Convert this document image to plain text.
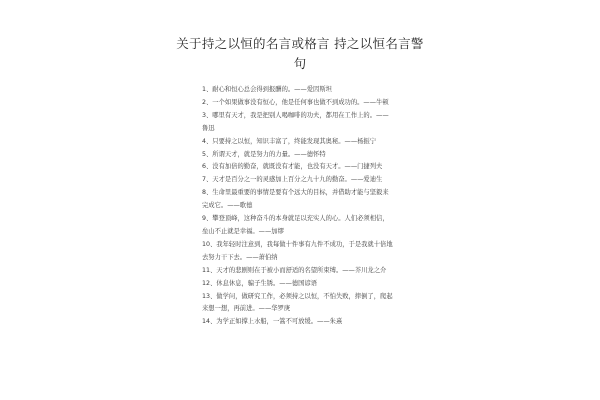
关于持之以恒的名言或格言 持之以恒名言警
句
1、耐心和恒心总会得到报酬的。——爱因斯坦
2、一个如果做事没有恒心，他是任何事也做不到成功的。——牛顿
3、哪里有天才，我是把别人喝咖啡的功夫，都用在工作上的。——
鲁迅
4、只要持之以恒，知识丰富了，终能发现其奥秘。——杨振宁
5、所谓天才，就是努力的力量。——德怀特
6、没有加倍的勤奋，就既没有才能，也没有天才。——门捷列夫
7、天才是百分之一的灵感加上百分之九十九的勤奋。——爱迪生
8、生命里最重要的事情是要有个远大的目标，并借助才能与坚毅来
完成它。——歌德
9、攀登顶峰，这种奋斗的本身就足以充实人的心。人们必须相信，
垒山不止就是幸福。——加缪
10、我年轻时注意到，我每做十件事有九件不成功，于是我就十倍地
去努力干下去。——萧伯纳
11、天才的悲剧则在于被小而舒适的名望所束缚。——芥川龙之介
12、休息休息，骗子生锈。——德国谚语
13、做学问，做研究工作，必须持之以恒，不怕失败，摔倒了，爬起
来想一想，再前进。——华罗庚
14、为学正如撑上水船，一篙不可放缓。——朱熹
